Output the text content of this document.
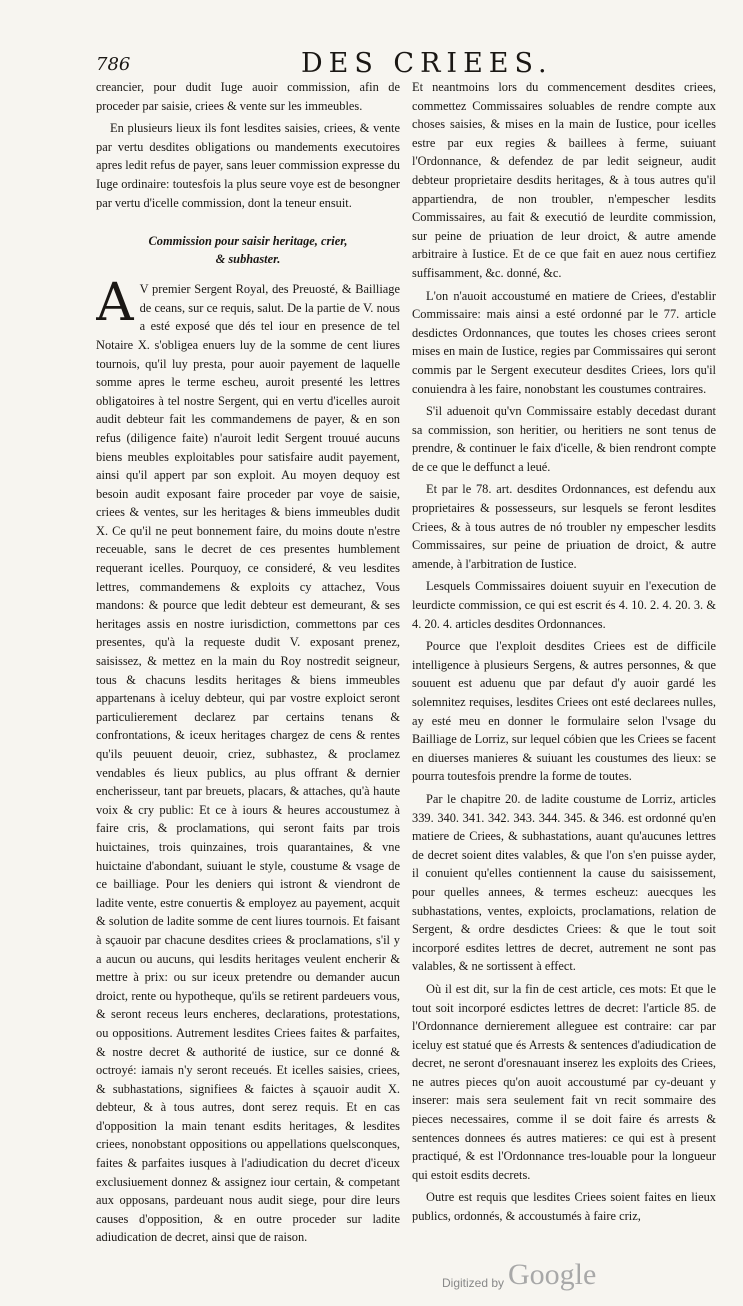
786	DES CRIEES.

creancier, pour dudit Iuge auoir commission, afin de proceder par saisie, criees & vente sur les immeubles.

En plusieurs lieux ils font lesdites saisies, criees, & vente par vertu desdites obligations ou mandements executoires apres ledit refus de payer, sans leuer commission expresse du Iuge ordinaire: toutesfois la plus seure voye est de besongner par vertu d'icelle commission, dont la teneur ensuit.

Commission pour saisir heritage, crier,
& subhaster.

A V premier Sergent Royal, des Preuosté, & Bailliage de ceans, sur ce requis, salut. De la partie de V. nous a esté exposé que dés tel iour en presence de tel Notaire X. s'obligea enuers luy de la somme de cent liures tournois, qu'il luy presta, pour auoir payement de laquelle somme apres le terme escheu, auroit presenté les lettres obligatoires à tel nostre Sergent, qui en vertu d'icelles auroit audit debteur fait les commandemens de payer, & en son refus (diligence faite) n'auroit ledit Sergent trouué aucuns biens meubles exploitables pour satisfaire audit payement, ainsi qu'il appert par son exploit. Au moyen dequoy est besoin audit exposant faire proceder par voye de saisie, criees & ventes, sur les heritages & biens immeubles dudit X. Ce qu'il ne peut bonnement faire, du moins doute n'estre receuable, sans le decret de ces presentes humblement requerant icelles. Pourquoy, ce consideré, & veu lesdites lettres, commandemens & exploits cy attachez, Vous mandons: & pource que ledit debteur est demeurant, & ses heritages assis en nostre iurisdiction, commettons par ces presentes, qu'à la requeste dudit V. exposant prenez, saisissez, & mettez en la main du Roy nostredit seigneur, tous & chacuns lesdits heritages & biens immeubles appartenans à iceluy debteur, qui par vostre exploict seront particulierement declarez par certains tenans & confrontations, & iceux heritages chargez de cens & rentes qu'ils peuuent deuoir, criez, subhastez, & proclamez vendables és lieux publics, au plus offrant & dernier encherisseur, tant par breuets, placars, & attaches, qu'à haute voix & cry public: Et ce à iours & heures accoustumez à faire cris, & proclamations, qui seront faits par trois huictaines, trois quinzaines, trois quarantaines, & vne huictaine d'abondant, suiuant le style, coustume & vsage de ce bailliage. Pour les deniers qui istront & viendront de ladite vente, estre conuertis & employez au payement, acquit & solution de ladite somme de cent liures tournois. Et faisant à sçauoir par chacune desdites criees & proclamations, s'il y a aucun ou aucuns, qui lesdits heritages veulent encherir & mettre à prix: ou sur iceux pretendre ou demander aucun droict, rente ou hypotheque, qu'ils se retirent pardeuers vous, & seront receus leurs encheres, declarations, protestations, ou oppositions. Autrement lesdites Criees faites & parfaites, & nostre decret & authorité de iustice, sur ce donné & octroyé: iamais n'y seront receués. Et icelles saisies, criees, & subhastations, signifiees & faictes à sçauoir audit X. debteur, & à tous autres, dont serez requis. Et en cas d'opposition la main tenant esdits heritages, & lesdites criees, nonobstant oppositions ou appellations quelsconques, faites & parfaites iusques à l'adiudication du decret d'iceux exclusiuement donnez & assignez iour certain, & competant aux opposans, pardeuant nous audit siege, pour dire leurs causes d'opposition, & en outre proceder sur ladite adiudication de decret, ainsi que de raison.

Et neantmoins lors du commencement desdites criees, commettez Commissaires soluables de rendre compte aux choses saisies, & mises en la main de Iustice, pour icelles estre par eux regies & baillees à ferme, suiuant l'Ordonnance, & defendez de par ledit seigneur, audit debteur proprietaire desdits heritages, & à tous autres qu'il appartiendra, de non troubler, n'empescher lesdits Commissaires, au fait & executió de leurdite commission, sur peine de priuation de leur droict, & autre amende arbitraire à Iustice. Et de ce que fait en auez nous certifiez suffisamment, &c. donné, &c.

L'on n'auoit accoustumé en matiere de Criees, d'establir Commissaire: mais ainsi a esté ordonné par le 77. article desdictes Ordonnances, que toutes les choses criees seront mises en main de Iustice, regies par Commissaires qui seront commis par le Sergent executeur desdites Criees, lors qu'il conuiendra à les faire, nonobstant les coustumes contraires.

S'il aduenoit qu'vn Commissaire estably decedast durant sa commission, son heritier, ou heritiers ne sont tenus de prendre, & continuer le faix d'icelle, & bien rendront compte de ce que le deffunct a leué.

Et par le 78. art. desdites Ordonnances, est defendu aux proprietaires & possesseurs, sur lesquels se feront lesdites Criees, & à tous autres de nó troubler ny empescher lesdits Commissaires, sur peine de priuation de droict, & autre amende, à l'arbitration de Iustice.

Lesquels Commissaires doiuent suyuir en l'execution de leurdicte commission, ce qui est escrit és 4. 10. 2. 4. 20. 3. & 4. 20. 4. articles desdites Ordonnances.

Pource que l'exploit desdites Criees est de difficile intelligence à plusieurs Sergens, & autres personnes, & que souuent est aduenu que par defaut d'y auoir gardé les solemnitez requises, lesdites Criees ont esté declarees nulles, ay esté meu en donner le formulaire selon l'vsage du Bailliage de Lorriz, sur lequel cóbien que les Criees se facent en diuerses manieres & suiuant les coustumes des lieux: se pourra toutesfois prendre la forme de toutes.

Par le chapitre 20. de ladite coustume de Lorriz, articles 339. 340. 341. 342. 343. 344. 345. & 346. est ordonné qu'en matiere de Criees, & subhastations, auant qu'aucunes lettres de decret soient dites valables, & que l'on s'en puisse ayder, il conuient qu'elles contiennent la cause du saisissement, pour quelles annees, & termes escheuz: auecques les subhastations, ventes, exploicts, proclamations, relation de Sergent, & ordre desdictes Criees: & que le tout soit incorporé esdites lettres de decret, autrement ne sont pas valables, & ne sortissent à effect.

Où il est dit, sur la fin de cest article, ces mots: Et que le tout soit incorporé esdictes lettres de decret: l'article 85. de l'Ordonnance dernierement alleguee est contraire: car par iceluy est statué que és Arrests & sentences d'adiudication de decret, ne seront d'oresnauant inserez les exploits des Criees, ne autres pieces qu'on auoit accoustumé par cy-deuant y inserer: mais sera seulement fait vn recit sommaire des pieces necessaires, comme il se doit faire és arrests & sentences donnees és autres matieres: ce qui est à present practiqué, & est l'Ordonnance tres-louable pour la longueur qui estoit esdits decrets.

Outre est requis que lesdites Criees soient faites en lieux publics, ordonnés, & accoustumés à faire criz,

Digitized by Google
